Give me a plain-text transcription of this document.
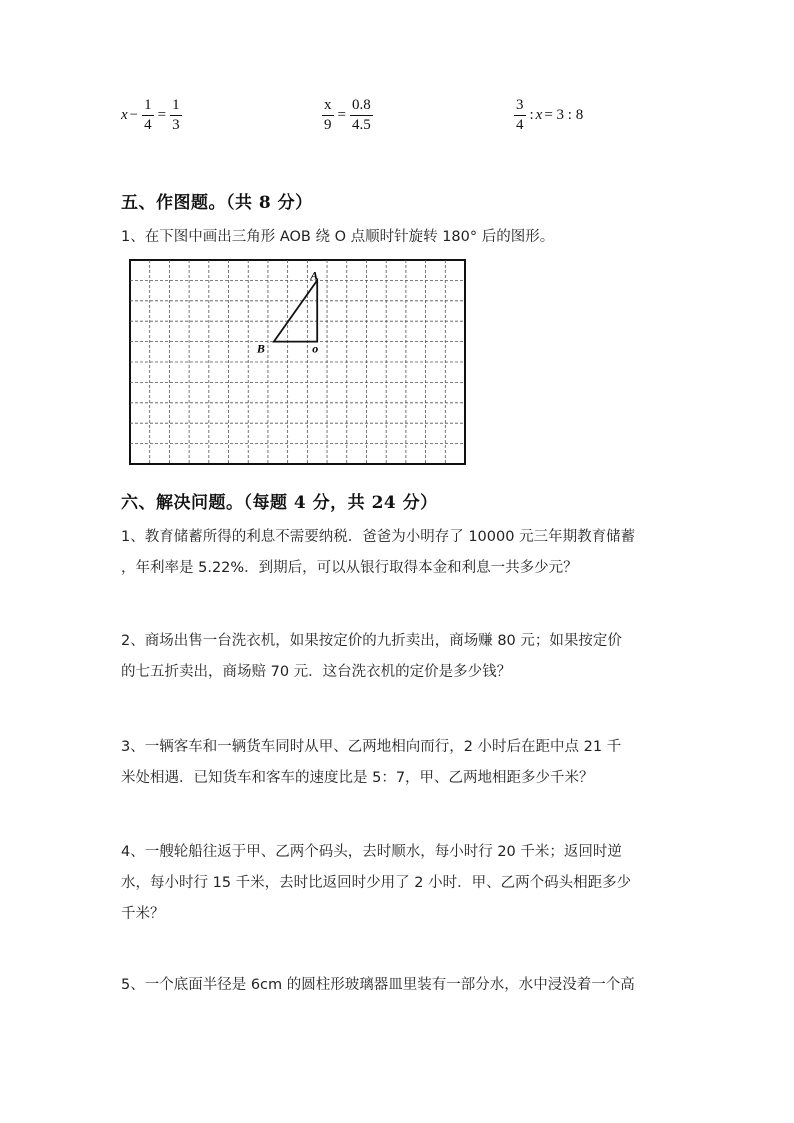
$x - \frac{1}{4} = \frac{1}{3}$	$\frac{x}{9} = \frac{0.8}{4.5}$	$\frac{3}{4}$ : x = 3 : 8
五、作图题。（共 8 分）
1、在下图中画出三角形 AOB 绕 O 点顺时针旋转 180° 后的图形。
A
B	o
六、解决问题。（每题 4 分，共 24 分）
1、教育储蓄所得的利息不需要纳税．爸爸为小明存了 10000 元三年期教育储蓄
，年利率是 5.22%．到期后，可以从银行取得本金和利息一共多少元？
2、商场出售一台洗衣机，如果按定价的九折卖出，商场赚 80 元；如果按定价
的七五折卖出，商场赔 70 元．这台洗衣机的定价是多少钱？
3、一辆客车和一辆货车同时从甲、乙两地相向而行，2 小时后在距中点 21 千
米处相遇．已知货车和客车的速度比是 5：7，甲、乙两地相距多少千米？
4、一艘轮船往返于甲、乙两个码头，去时顺水，每小时行 20 千米；返回时逆
水，每小时行 15 千米，去时比返回时少用了 2 小时．甲、乙两个码头相距多少
千米？
5、一个底面半径是 6cm 的圆柱形玻璃器皿里装有一部分水，水中浸没着一个高
